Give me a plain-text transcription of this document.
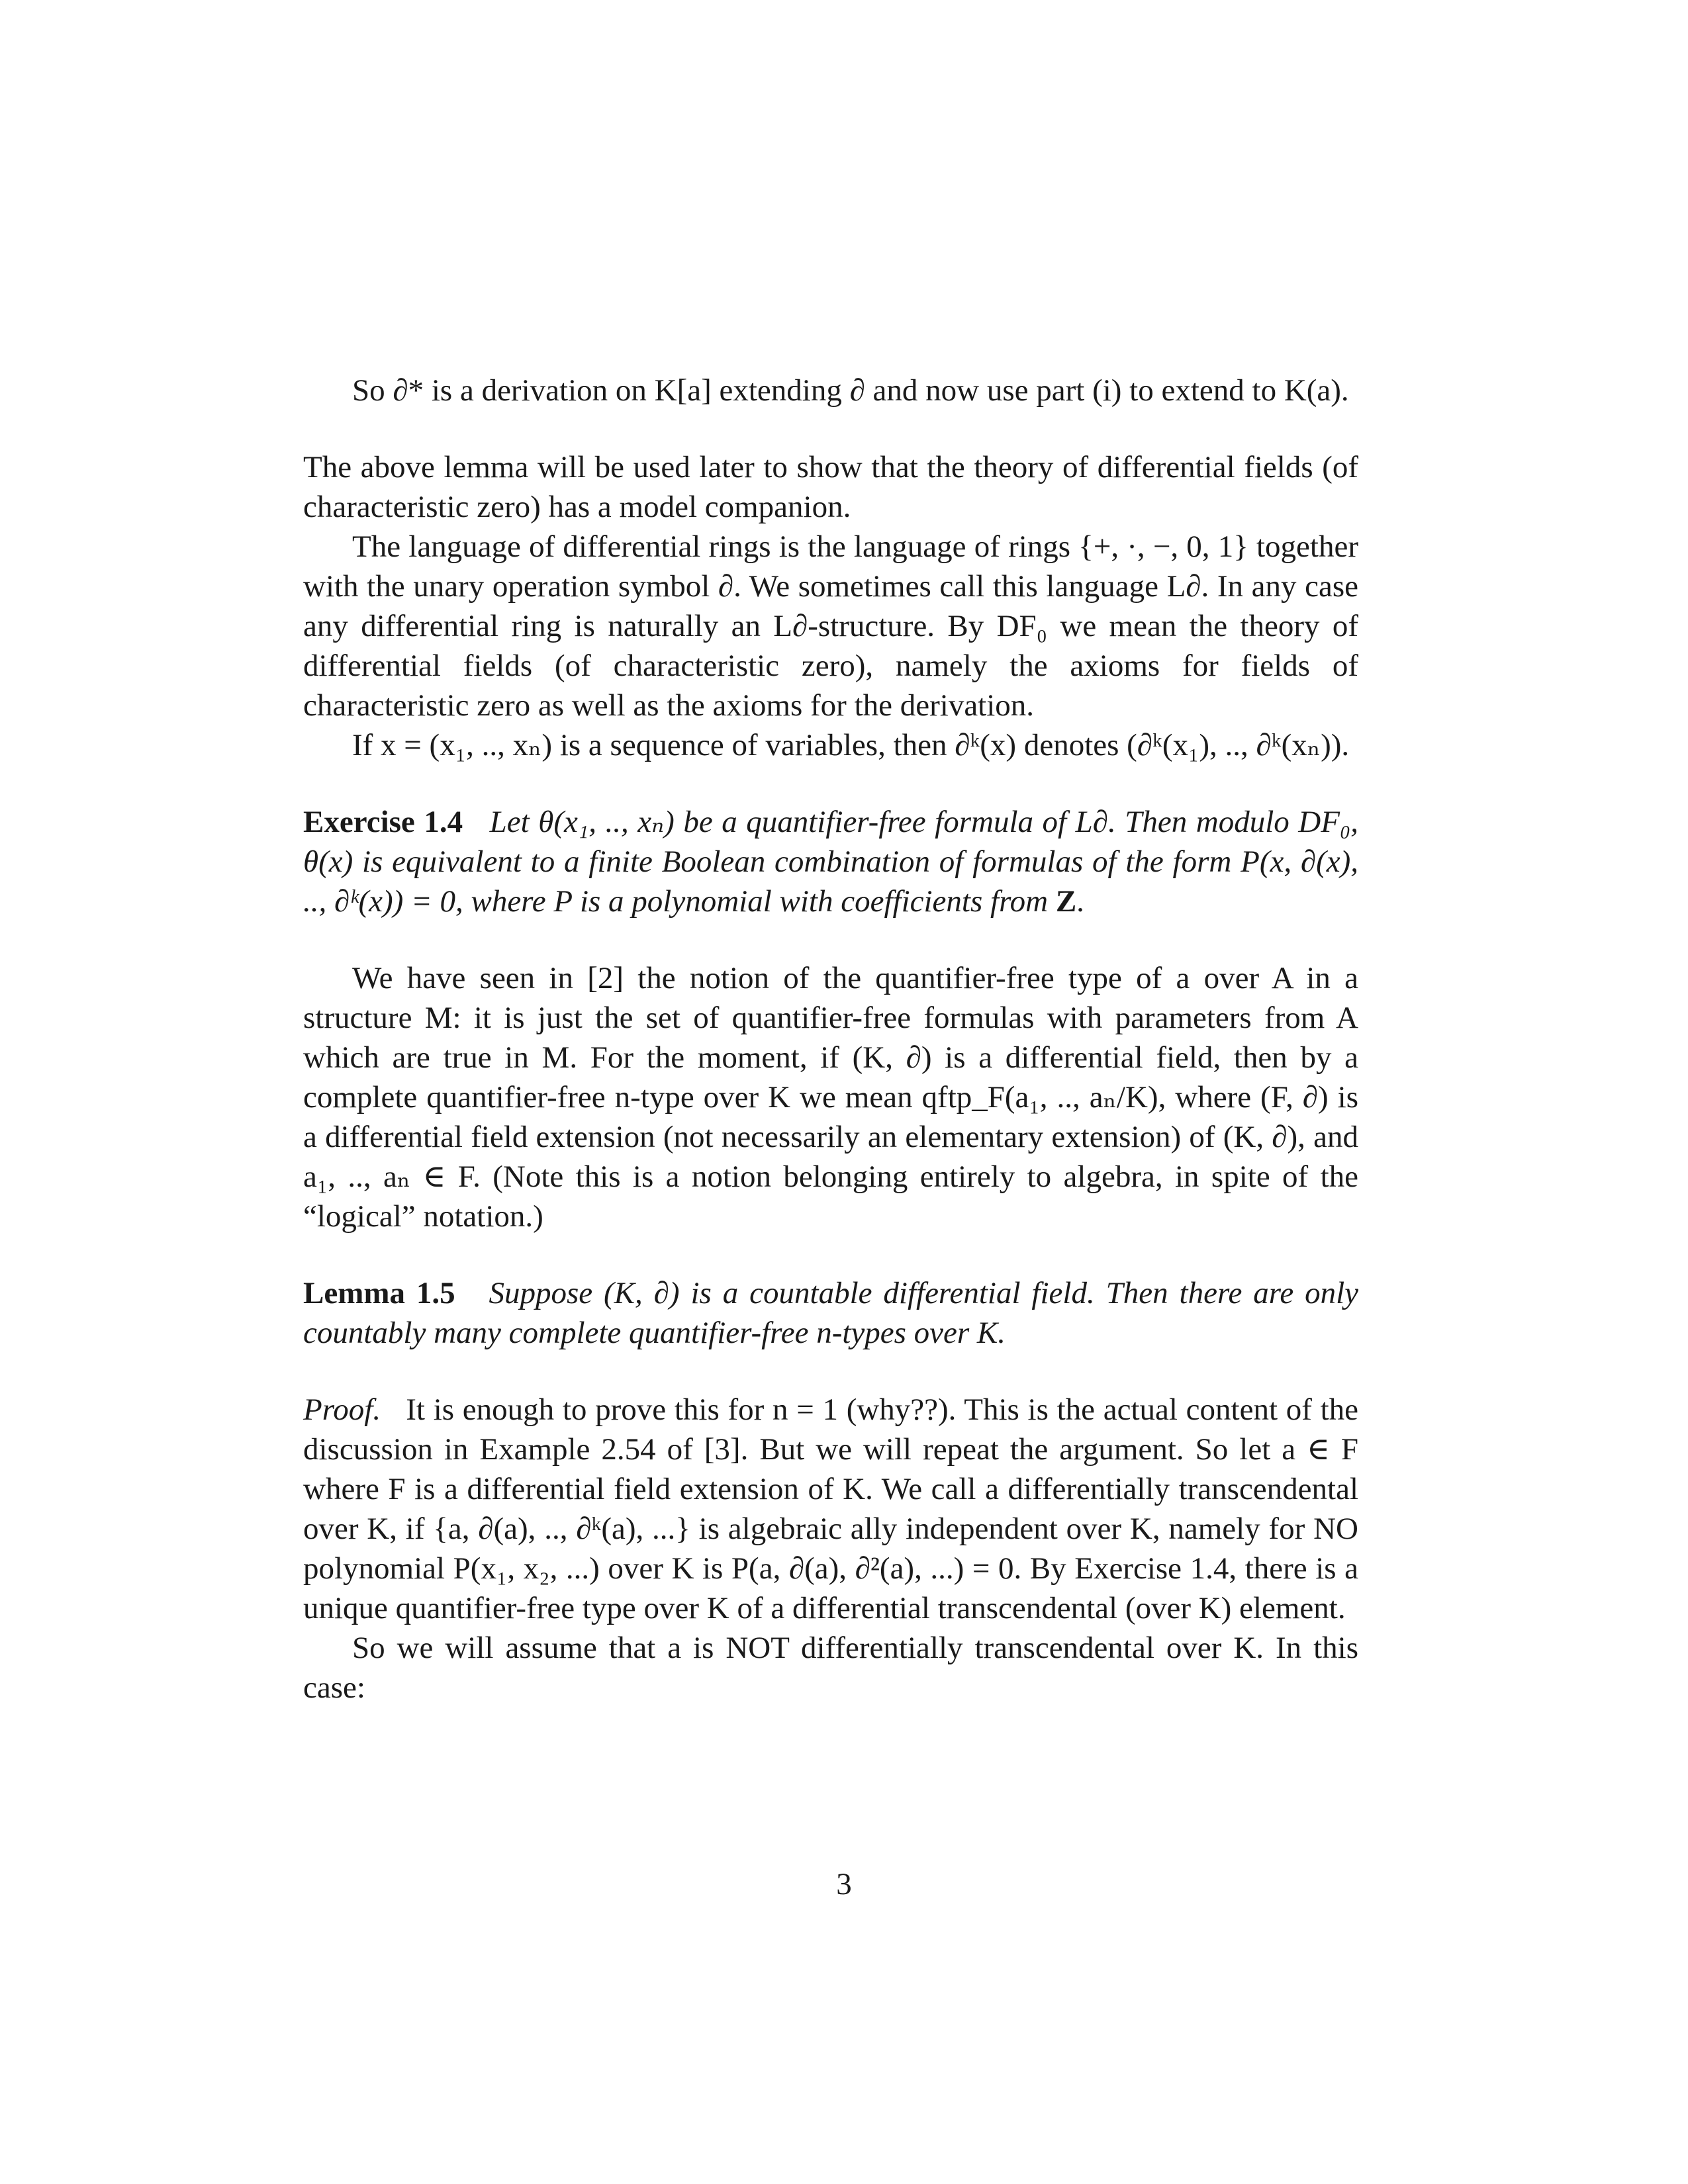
So ∂* is a derivation on K[a] extending ∂ and now use part (i) to extend to K(a).

The above lemma will be used later to show that the theory of differential fields (of characteristic zero) has a model companion.

The language of differential rings is the language of rings {+, ·, −, 0, 1} together with the unary operation symbol ∂. We sometimes call this language L∂. In any case any differential ring is naturally an L∂-structure. By DF₀ we mean the theory of differential fields (of characteristic zero), namely the axioms for fields of characteristic zero as well as the axioms for the derivation.

If x = (x₁, .., xₙ) is a sequence of variables, then ∂ᵏ(x) denotes (∂ᵏ(x₁), .., ∂ᵏ(xₙ)).

Exercise 1.4 Let θ(x₁, .., xₙ) be a quantifier-free formula of L∂. Then modulo DF₀, θ(x) is equivalent to a finite Boolean combination of formulas of the form P(x, ∂(x), .., ∂ᵏ(x)) = 0, where P is a polynomial with coefficients from Z.

We have seen in [2] the notion of the quantifier-free type of a over A in a structure M: it is just the set of quantifier-free formulas with parameters from A which are true in M. For the moment, if (K, ∂) is a differential field, then by a complete quantifier-free n-type over K we mean qftp_F(a₁, .., aₙ/K), where (F, ∂) is a differential field extension (not necessarily an elementary extension) of (K, ∂), and a₁, .., aₙ ∈ F. (Note this is a notion belonging entirely to algebra, in spite of the “logical” notation.)

Lemma 1.5 Suppose (K, ∂) is a countable differential field. Then there are only countably many complete quantifier-free n-types over K.

Proof. It is enough to prove this for n = 1 (why??). This is the actual content of the discussion in Example 2.54 of [3]. But we will repeat the argument. So let a ∈ F where F is a differential field extension of K. We call a differentially transcendental over K, if {a, ∂(a), .., ∂ᵏ(a), ...} is algebraic ally independent over K, namely for NO polynomial P(x₁, x₂, ...) over K is P(a, ∂(a), ∂²(a), ...) = 0. By Exercise 1.4, there is a unique quantifier-free type over K of a differential transcendental (over K) element.

So we will assume that a is NOT differentially transcendental over K. In this case:

3
